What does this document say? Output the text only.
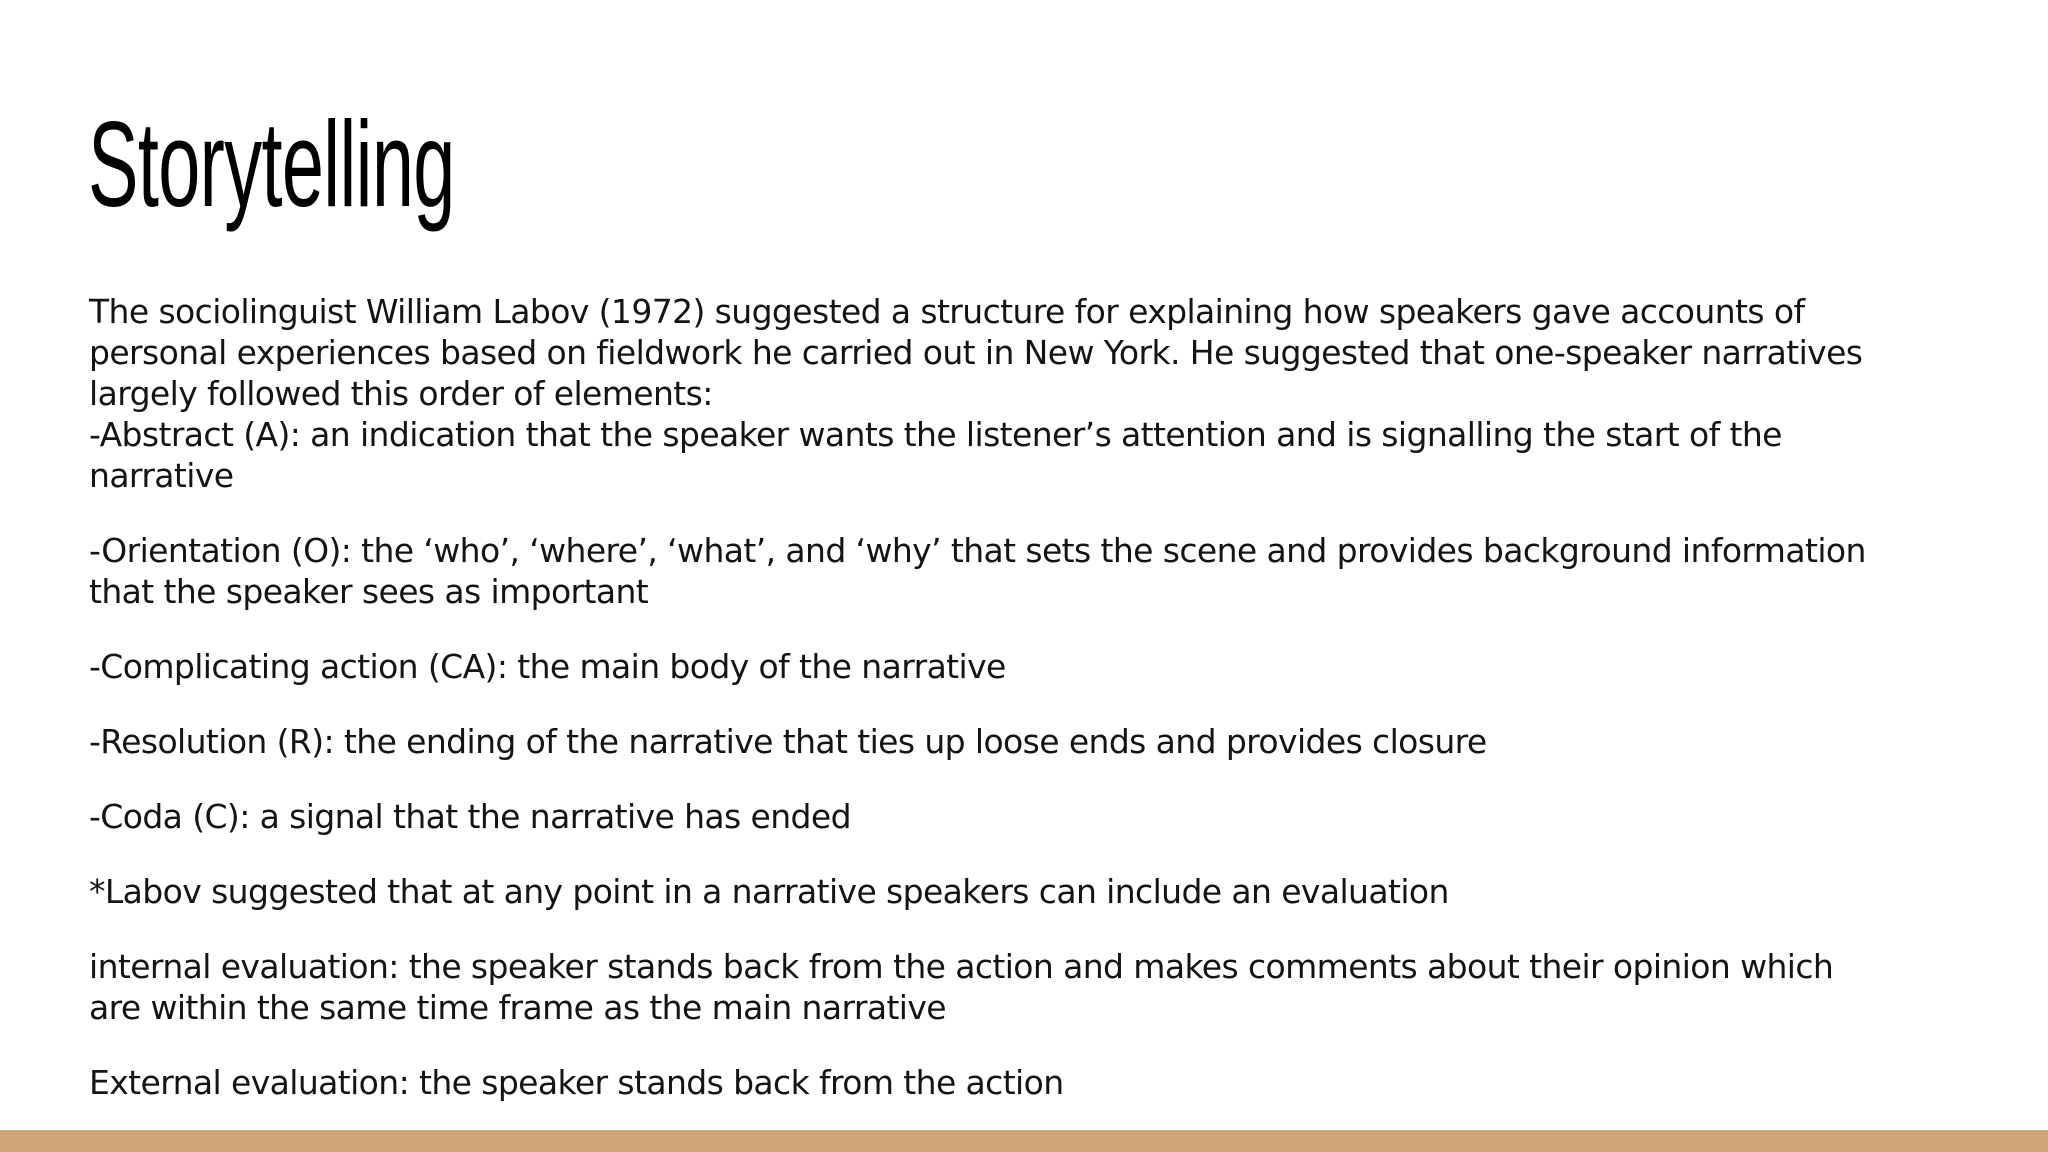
Storytelling

The sociolinguist William Labov (1972) suggested a structure for explaining how speakers gave accounts of
personal experiences based on fieldwork he carried out in New York. He suggested that one-speaker narratives
largely followed this order of elements:
-Abstract (A): an indication that the speaker wants the listener’s attention and is signalling the start of the
narrative

-Orientation (O): the ‘who’, ‘where’, ‘what’, and ‘why’ that sets the scene and provides background information
that the speaker sees as important

-Complicating action (CA): the main body of the narrative

-Resolution (R): the ending of the narrative that ties up loose ends and provides closure

-Coda (C): a signal that the narrative has ended

*Labov suggested that at any point in a narrative speakers can include an evaluation

internal evaluation: the speaker stands back from the action and makes comments about their opinion which
are within the same time frame as the main narrative

External evaluation: the speaker stands back from the action
